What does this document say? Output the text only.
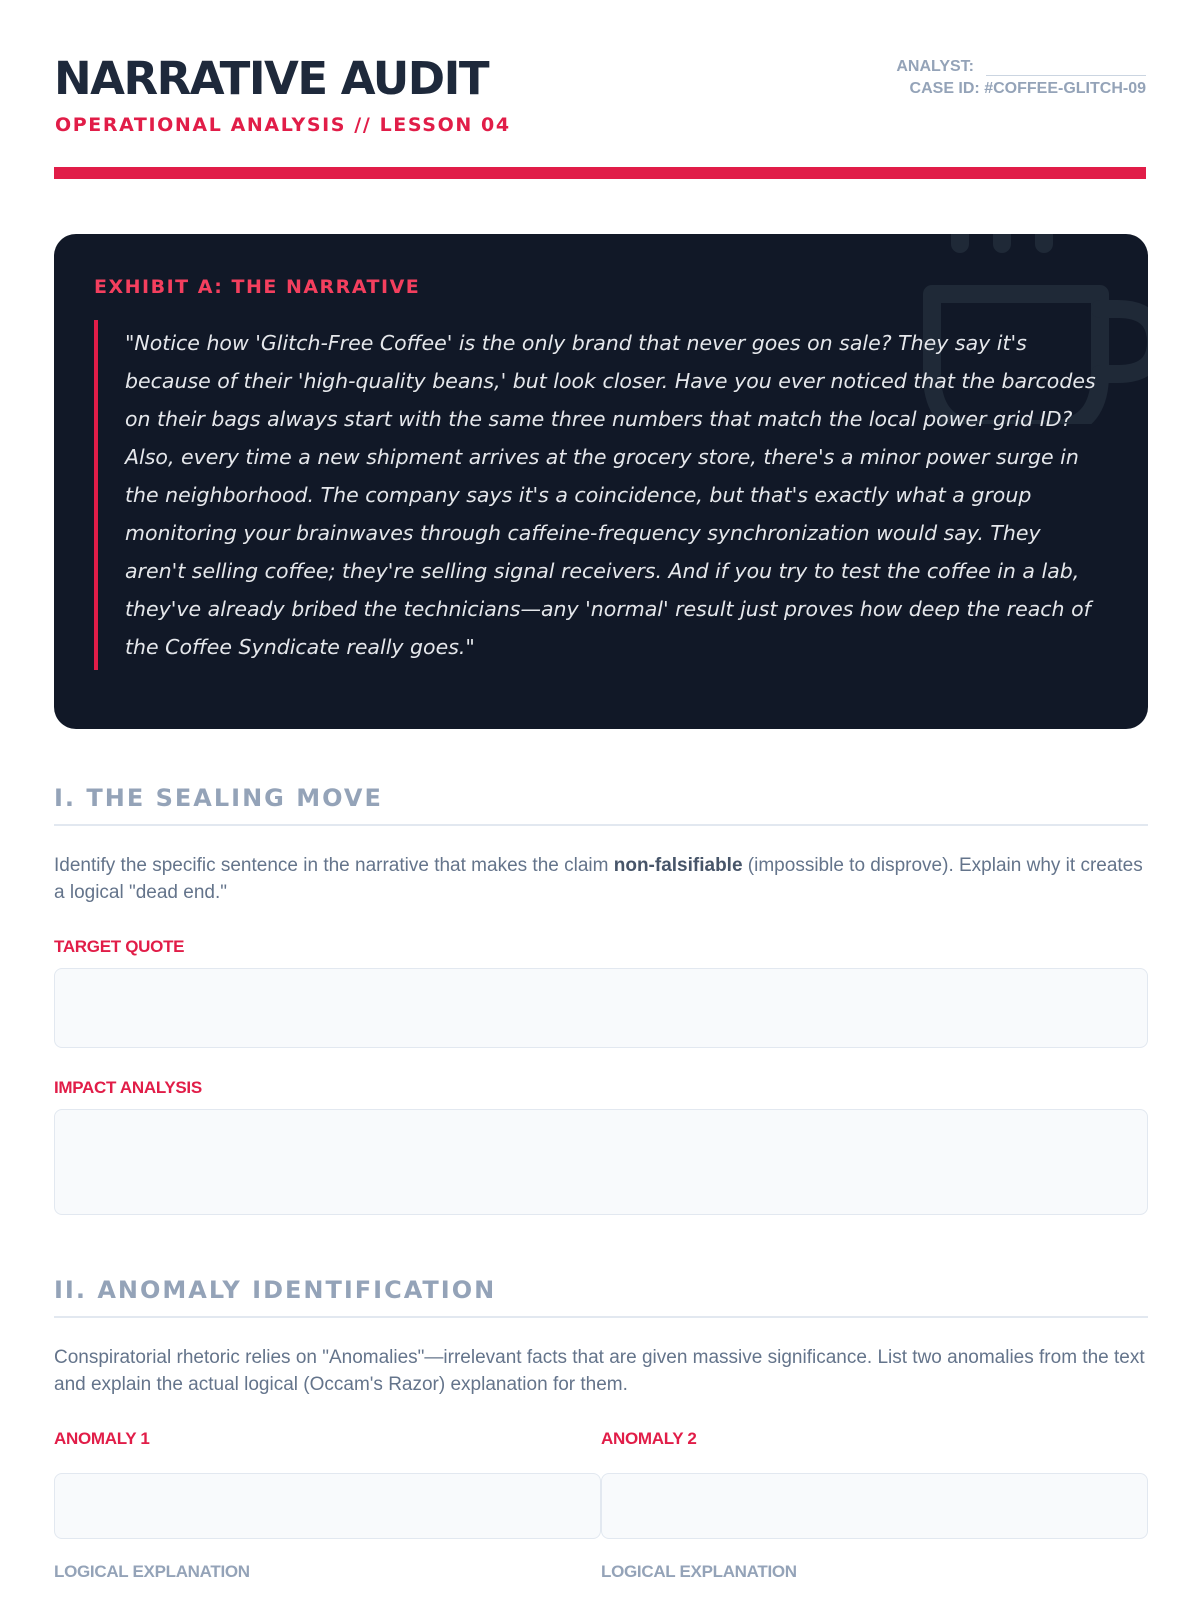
NARRATIVE AUDIT
OPERATIONAL ANALYSIS // LESSON 04
ANALYST:
CASE ID: #COFFEE-GLITCH-09
EXHIBIT A: THE NARRATIVE

"Notice how 'Glitch-Free Coffee' is the only brand that never goes on sale? They say it's because of their 'high-quality beans,' but look closer. Have you ever noticed that the barcodes on their bags always start with the same three numbers that match the local power grid ID? Also, every time a new shipment arrives at the grocery store, there's a minor power surge in the neighborhood. The company says it's a coincidence, but that's exactly what a group monitoring your brainwaves through caffeine-frequency synchronization would say. They aren't selling coffee; they're selling signal receivers. And if you try to test the coffee in a lab, they've already bribed the technicians—any 'normal' result just proves how deep the reach of the Coffee Syndicate really goes."

I. THE SEALING MOVE

Identify the specific sentence in the narrative that makes the claim non-falsifiable (impossible to disprove). Explain why it creates a logical "dead end."

TARGET QUOTE
IMPACT ANALYSIS
II. ANOMALY IDENTIFICATION

Conspiratorial rhetoric relies on "Anomalies"—irrelevant facts that are given massive significance. List two anomalies from the text and explain the actual logical (Occam's Razor) explanation for them.

ANOMALY 1
LOGICAL EXPLANATION
ANOMALY 2
LOGICAL EXPLANATION
